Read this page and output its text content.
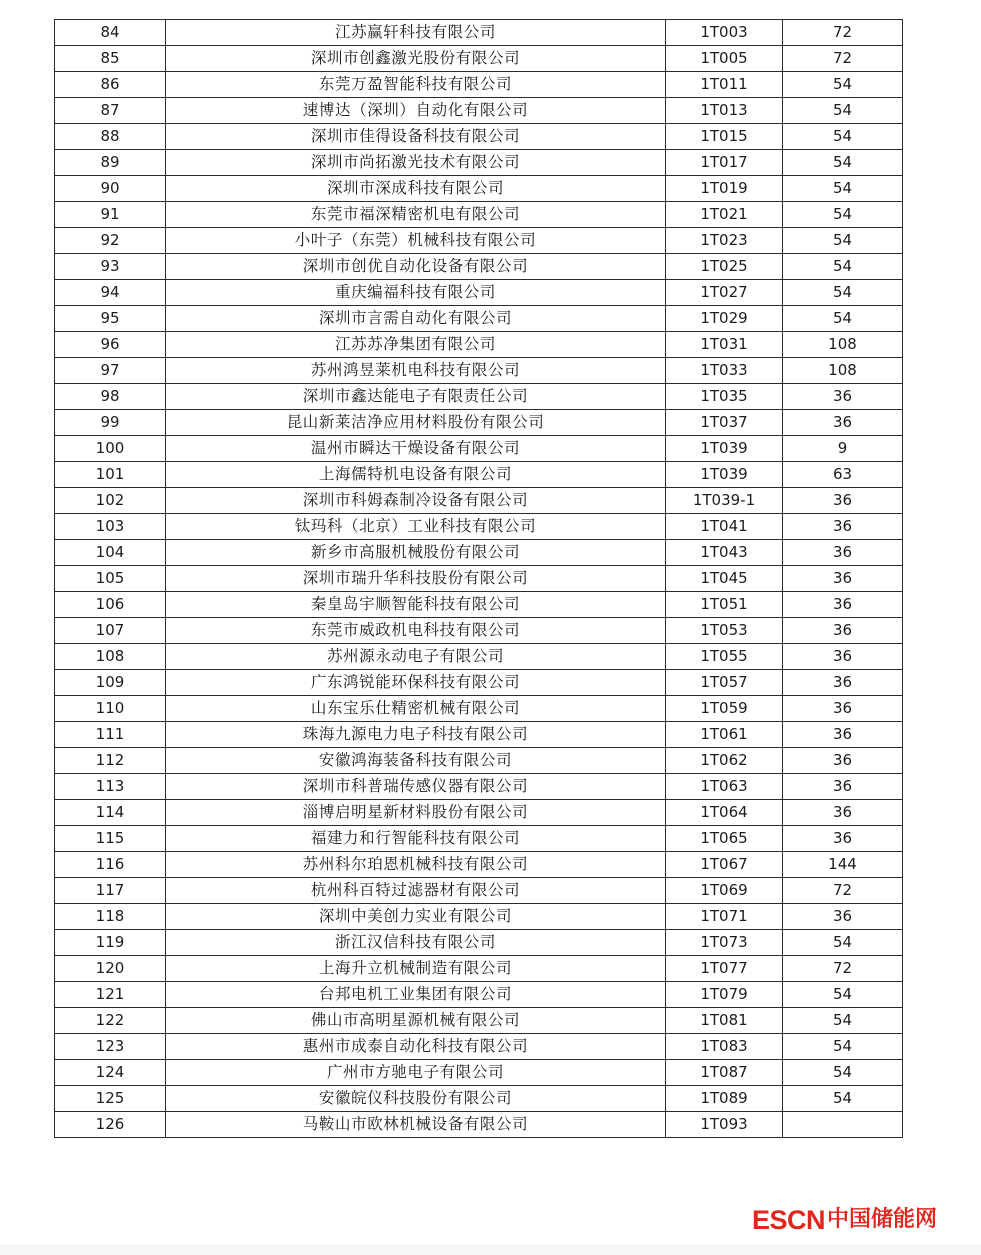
84	江苏赢轩科技有限公司	1T003	72
85	深圳市创鑫激光股份有限公司	1T005	72
86	东莞万盈智能科技有限公司	1T011	54
87	速博达（深圳）自动化有限公司	1T013	54
88	深圳市佳得设备科技有限公司	1T015	54
89	深圳市尚拓激光技术有限公司	1T017	54
90	深圳市深成科技有限公司	1T019	54
91	东莞市福深精密机电有限公司	1T021	54
92	小叶子（东莞）机械科技有限公司	1T023	54
93	深圳市创优自动化设备有限公司	1T025	54
94	重庆编福科技有限公司	1T027	54
95	深圳市言需自动化有限公司	1T029	54
96	江苏苏净集团有限公司	1T031	108
97	苏州鸿昱莱机电科技有限公司	1T033	108
98	深圳市鑫达能电子有限责任公司	1T035	36
99	昆山新莱洁净应用材料股份有限公司	1T037	36
100	温州市瞬达干燥设备有限公司	1T039	9
101	上海儒特机电设备有限公司	1T039	63
102	深圳市科姆森制冷设备有限公司	1T039-1	36
103	钛玛科（北京）工业科技有限公司	1T041	36
104	新乡市高服机械股份有限公司	1T043	36
105	深圳市瑞升华科技股份有限公司	1T045	36
106	秦皇岛宇顺智能科技有限公司	1T051	36
107	东莞市威政机电科技有限公司	1T053	36
108	苏州源永动电子有限公司	1T055	36
109	广东鸿锐能环保科技有限公司	1T057	36
110	山东宝乐仕精密机械有限公司	1T059	36
111	珠海九源电力电子科技有限公司	1T061	36
112	安徽鸿海装备科技有限公司	1T062	36
113	深圳市科普瑞传感仪器有限公司	1T063	36
114	淄博启明星新材料股份有限公司	1T064	36
115	福建力和行智能科技有限公司	1T065	36
116	苏州科尔珀恩机械科技有限公司	1T067	144
117	杭州科百特过滤器材有限公司	1T069	72
118	深圳中美创力实业有限公司	1T071	36
119	浙江汉信科技有限公司	1T073	54
120	上海升立机械制造有限公司	1T077	72
121	台邦电机工业集团有限公司	1T079	54
122	佛山市高明星源机械有限公司	1T081	54
123	惠州市成泰自动化科技有限公司	1T083	54
124	广州市方驰电子有限公司	1T087	54
125	安徽皖仪科技股份有限公司	1T089	54
126	马鞍山市欧林机械设备有限公司	1T093	
ESCN 中国储能网
